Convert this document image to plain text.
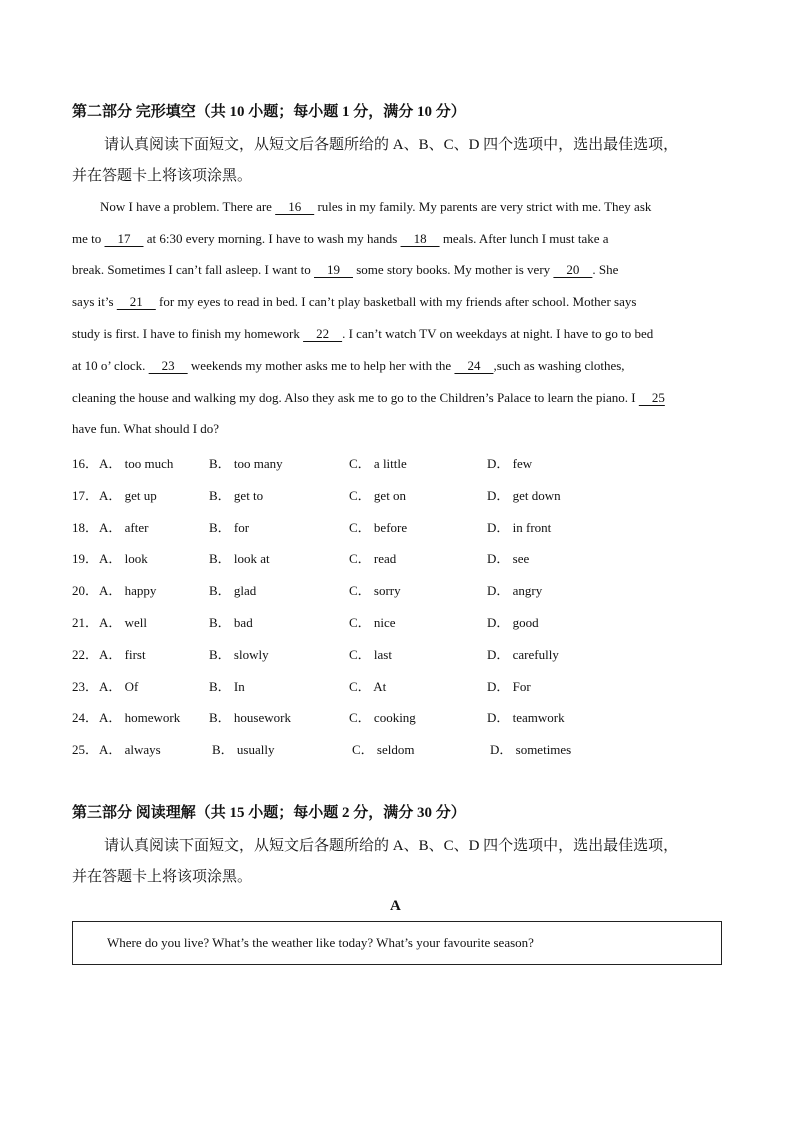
第二部分 完形填空（共 10 小题；每小题 1 分，满分 10 分）
请认真阅读下面短文，从短文后各题所给的 A、B、C、D 四个选项中，选出最佳选项，
并在答题卡上将该项涂黑。
Now I have a problem. There are     16     rules in my family. My parents are very strict with me. They ask
me to     17     at 6:30 every morning. I have to wash my hands     18     meals. After lunch I must take a
break. Sometimes I can’t fall asleep. I want to     19     some story books. My mother is very     20    . She
says it’s     21     for my eyes to read in bed. I can’t play basketball with my friends after school. Mother says
study is first. I have to finish my homework     22    . I can’t watch TV on weekdays at night. I have to go to bed
at 10 o’ clock.     23     weekends my mother asks me to help her with the     24    ,such as washing clothes,
cleaning the house and walking my dog. Also they ask me to go to the Children’s Palace to learn the piano. I     25
have fun. What should I do?
16． A． too much	B． too many	C． a little	D． few
17． A． get up	B． get to	C． get on	D． get down
18． A． after	B． for	C． before	D． in front
19． A． look	B． look at	C． read	D． see
20． A． happy	B． glad	C． sorry	D． angry
21． A． well	B． bad	C． nice	D． good
22． A． first	B． slowly	C． last	D． carefully
23． A． Of	B． In	C． At	D． For
24． A． homework B． housework	C． cooking	D． teamwork
25． A． always	B． usually	C． seldom	D． sometimes
第三部分 阅读理解（共 15 小题；每小题 2 分，满分 30 分）
请认真阅读下面短文，从短文后各题所给的 A、B、C、D 四个选项中，选出最佳选项，
并在答题卡上将该项涂黑。
A
Where do you live? What’s the weather like today? What’s your favourite season?
